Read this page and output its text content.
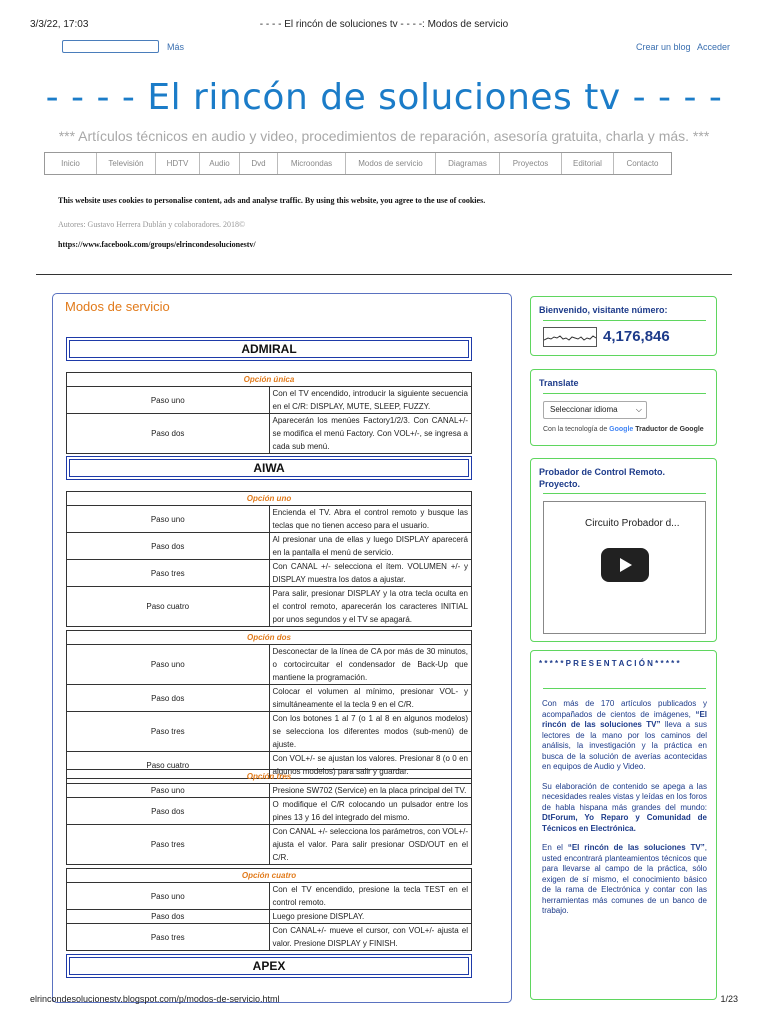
3/3/22, 17:03	- - - - El rincón de soluciones tv - - - -: Modos de servicio
Más	Crear un blog Acceder
- - - - El rincón de soluciones tv - - - -
*** Artículos técnicos en audio y video, procedimientos de reparación, asesoría gratuita, charla y más. ***
Inicio	Televisión	HDTV	Audio	Dvd	Microondas	Modos de servicio	Diagramas	Proyectos	Editorial	Contacto
This website uses cookies to personalise content, ads and analyse traffic. By using this website, you agree to the use of cookies.
Autores: Gustavo Herrera Dublán y colaboradores. 2018©
https://www.facebook.com/groups/elrincondesolucionestv/
Modos de servicio
ADMIRAL
Opción única	
Paso uno	Con el TV encendido, introducir la siguiente secuencia en el C/R: DISPLAY, MUTE, SLEEP, FUZZY.
Paso dos	Aparecerán los menúes Factory1/2/3. Con CANAL+/- se modifica el menú Factory. Con VOL+/-, se ingresa a cada sub menú.
AIWA
Opción uno	
Paso uno	Encienda el TV. Abra el control remoto y busque las teclas que no tienen acceso para el usuario.
Paso dos	Al presionar una de ellas y luego DISPLAY aparecerá en la pantalla el menú de servicio.
Paso tres	Con CANAL +/- selecciona el ítem. VOLUMEN +/- y DISPLAY muestra los datos a ajustar.
Paso cuatro	Para salir, presionar DISPLAY y la otra tecla oculta en el control remoto, aparecerán los caracteres INITIAL por unos segundos y el TV se apagará.
Opción dos	
Paso uno	Desconectar de la línea de CA por más de 30 minutos, o cortocircuitar el condensador de Back-Up que mantiene la programación.
Paso dos	Colocar el volumen al mínimo, presionar VOL- y simultáneamente el la tecla 9 en el C/R.
Paso tres	Con los botones 1 al 7 (o 1 al 8 en algunos modelos) se selecciona los diferentes modos (sub-menú) de ajuste.
Paso cuatro	Con VOL+/- se ajustan los valores. Presionar 8 (o 0 en algunos modelos) para salir y guardar.
Opción tres	
Paso uno	Presione SW702 (Service) en la placa principal del TV.
Paso dos	O modifique el C/R colocando un pulsador entre los pines 13 y 16 del integrado del mismo.
Paso tres	Con CANAL +/- selecciona los parámetros, con VOL+/- ajusta el valor. Para salir presionar OSD/OUT en el C/R.
Opción cuatro	
Paso uno	Con el TV encendido, presione la tecla TEST en el control remoto.
Paso dos	Luego presione DISPLAY.
Paso tres	Con CANAL+/- mueve el cursor, con VOL+/- ajusta el valor. Presione DISPLAY y FINISH.
APEX
Bienvenido, visitante número:
4,176,846
Translate
Seleccionar idioma ⌵
Con la tecnología de Google Traductor de Google
Probador de Control Remoto. Proyecto.
Circuito Probador d...
* * * * * P R E S E N T A C I Ó N * * * * *

Con más de 170 artículos publicados y acompañados de cientos de imágenes, “El rincón de las soluciones TV” lleva a sus lectores de la mano por los caminos del análisis, la investigación y la práctica en busca de la solución de averías acontecidas en equipos de Audio y Video.

Su elaboración de contenido se apega a las necesidades reales vistas y leídas en los foros de habla hispana más grandes del mundo: DtForum, Yo Reparo y Comunidad de Técnicos en Electrónica.

En el “El rincón de las soluciones TV”, usted encontrará planteamientos técnicos que para llevarse al campo de la práctica, sólo exigen de sí mismo, el conocimiento básico de la rama de Electrónica y contar con las herramientas más comunes de un banco de trabajo.

elrincondesolucionestv.blogspot.com/p/modos-de-servicio.html	1/23
